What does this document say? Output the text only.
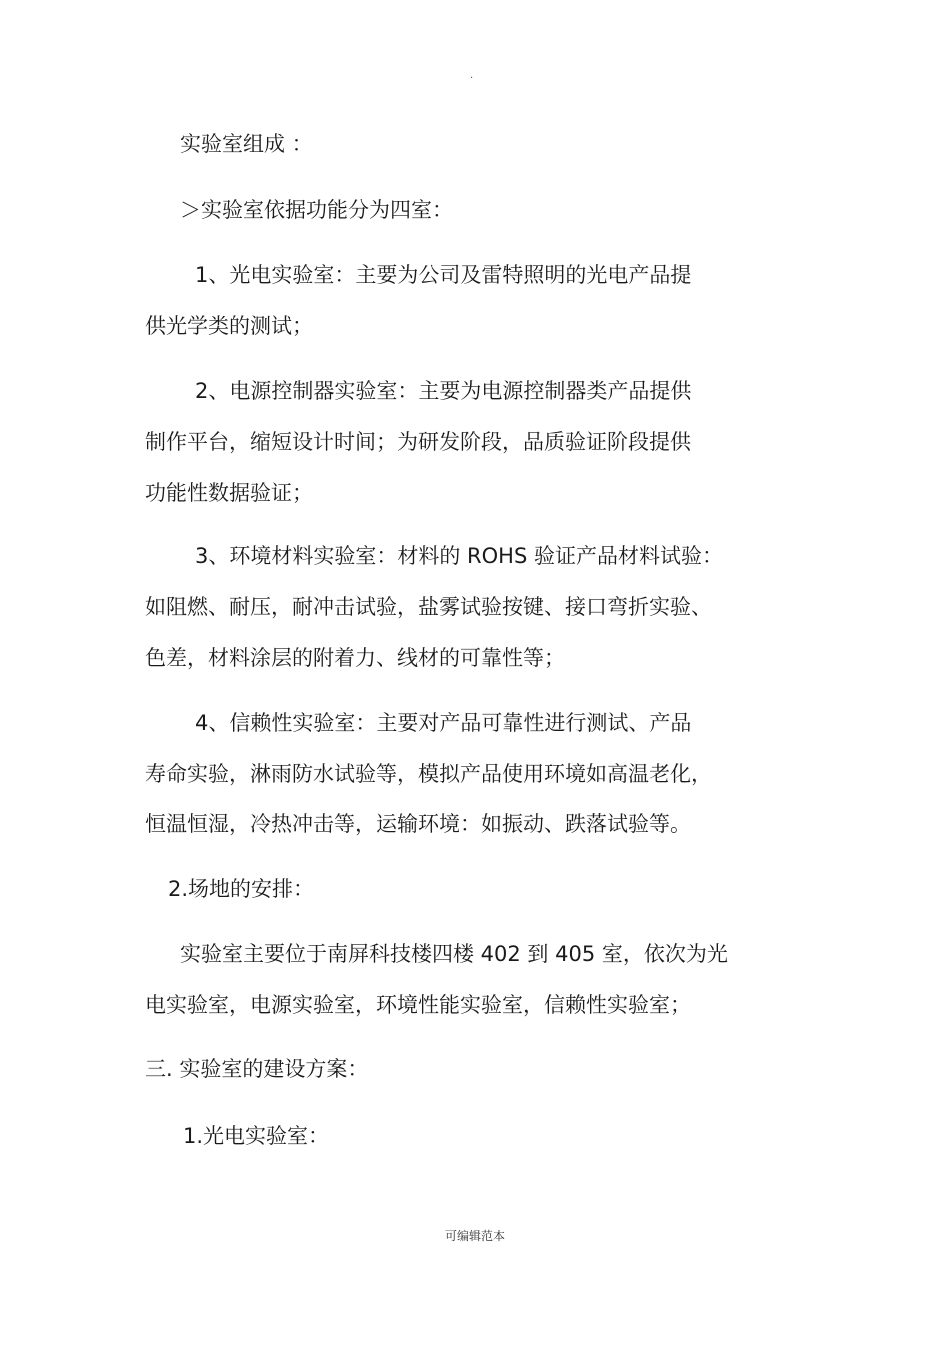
.
实验室组成 ：
＞实验室依据功能分为四室：
1、光电实验室：主要为公司及雷特照明的光电产品提
供光学类的测试；
2、电源控制器实验室：主要为电源控制器类产品提供
制作平台，缩短设计时间；为研发阶段，品质验证阶段提供
功能性数据验证；
3、环境材料实验室：材料的 ROHS 验证产品材料试验：
如阻燃、耐压，耐冲击试验，盐雾试验按键、接口弯折实验、
色差，材料涂层的附着力、线材的可靠性等；
4、信赖性实验室：主要对产品可靠性进行测试、产品
寿命实验，淋雨防水试验等，模拟产品使用环境如高温老化，
恒温恒湿，冷热冲击等，运输环境：如振动、跌落试验等。
2.场地的安排：
实验室主要位于南屏科技楼四楼 402 到 405 室，依次为光
电实验室，电源实验室，环境性能实验室，信赖性实验室；
三. 实验室的建设方案：
1.光电实验室：
可编辑范本
